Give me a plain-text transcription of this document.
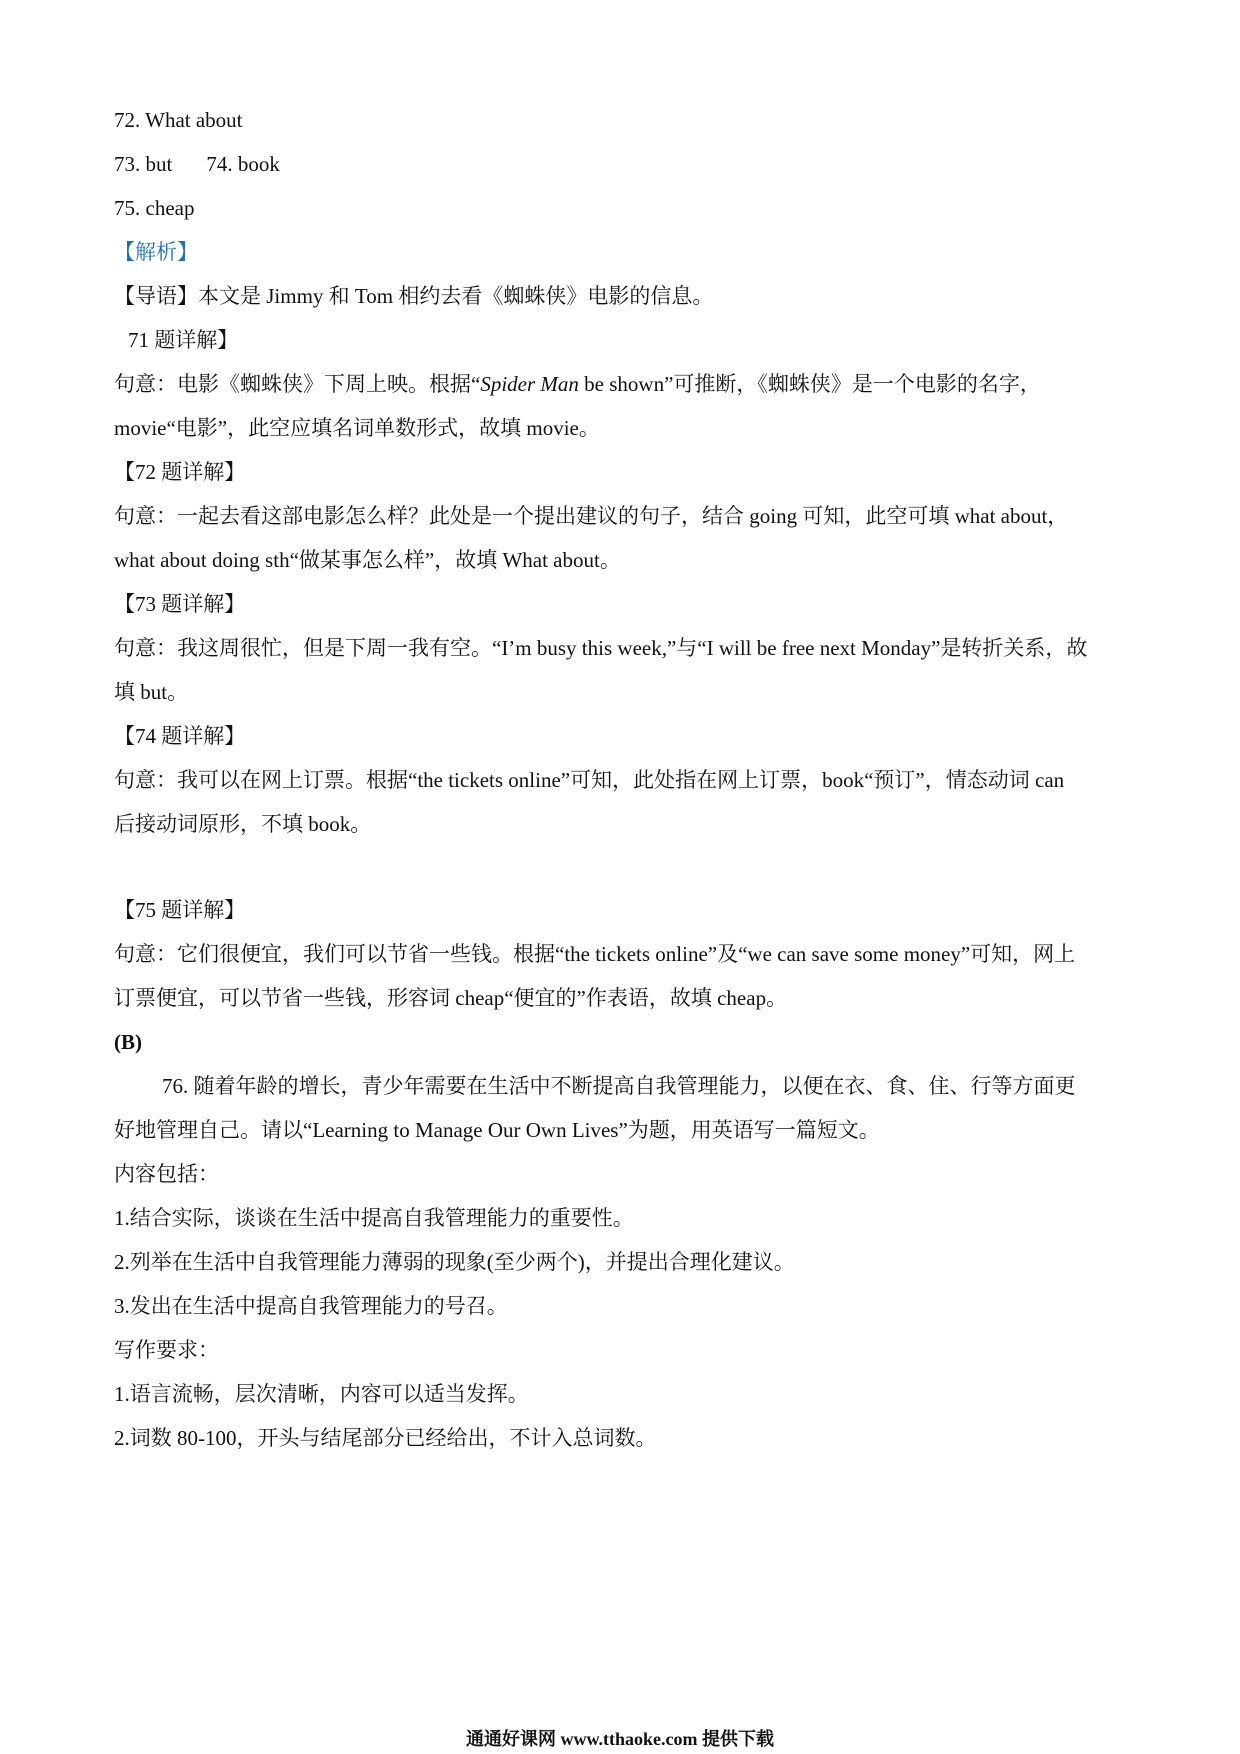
72. What about
73. but 74. book
75. cheap
【解析】
【导语】本文是 Jimmy 和 Tom 相约去看《蜘蛛侠》电影的信息。
71 题详解】
句意：电影《蜘蛛侠》下周上映。根据“Spider Man be shown”可推断，《蜘蛛侠》是一个电影的名字，
movie“电影”，此空应填名词单数形式，故填 movie。
【72 题详解】
句意：一起去看这部电影怎么样？此处是一个提出建议的句子，结合 going 可知，此空可填 what about，
what about doing sth“做某事怎么样”，故填 What about。
【73 题详解】
句意：我这周很忙，但是下周一我有空。“I’m busy this week,”与“I will be free next Monday”是转折关系，故
填 but。
【74 题详解】
句意：我可以在网上订票。根据“the tickets online”可知，此处指在网上订票，book“预订”，情态动词 can
后接动词原形，不填 book。
【75 题详解】
句意：它们很便宜，我们可以节省一些钱。根据“the tickets online”及“we can save some money”可知，网上
订票便宜，可以节省一些钱，形容词 cheap“便宜的”作表语，故填 cheap。
(B)
76. 随着年龄的增长，青少年需要在生活中不断提高自我管理能力，以便在衣、食、住、行等方面更
好地管理自己。请以“Learning to Manage Our Own Lives”为题，用英语写一篇短文。
内容包括：
1.结合实际，谈谈在生活中提高自我管理能力的重要性。
2.列举在生活中自我管理能力薄弱的现象(至少两个)，并提出合理化建议。
3.发出在生活中提高自我管理能力的号召。
写作要求：
1.语言流畅，层次清晰，内容可以适当发挥。
2.词数 80-100，开头与结尾部分已经给出，不计入总词数。
通通好课网 www.tthaoke.com 提供下载
